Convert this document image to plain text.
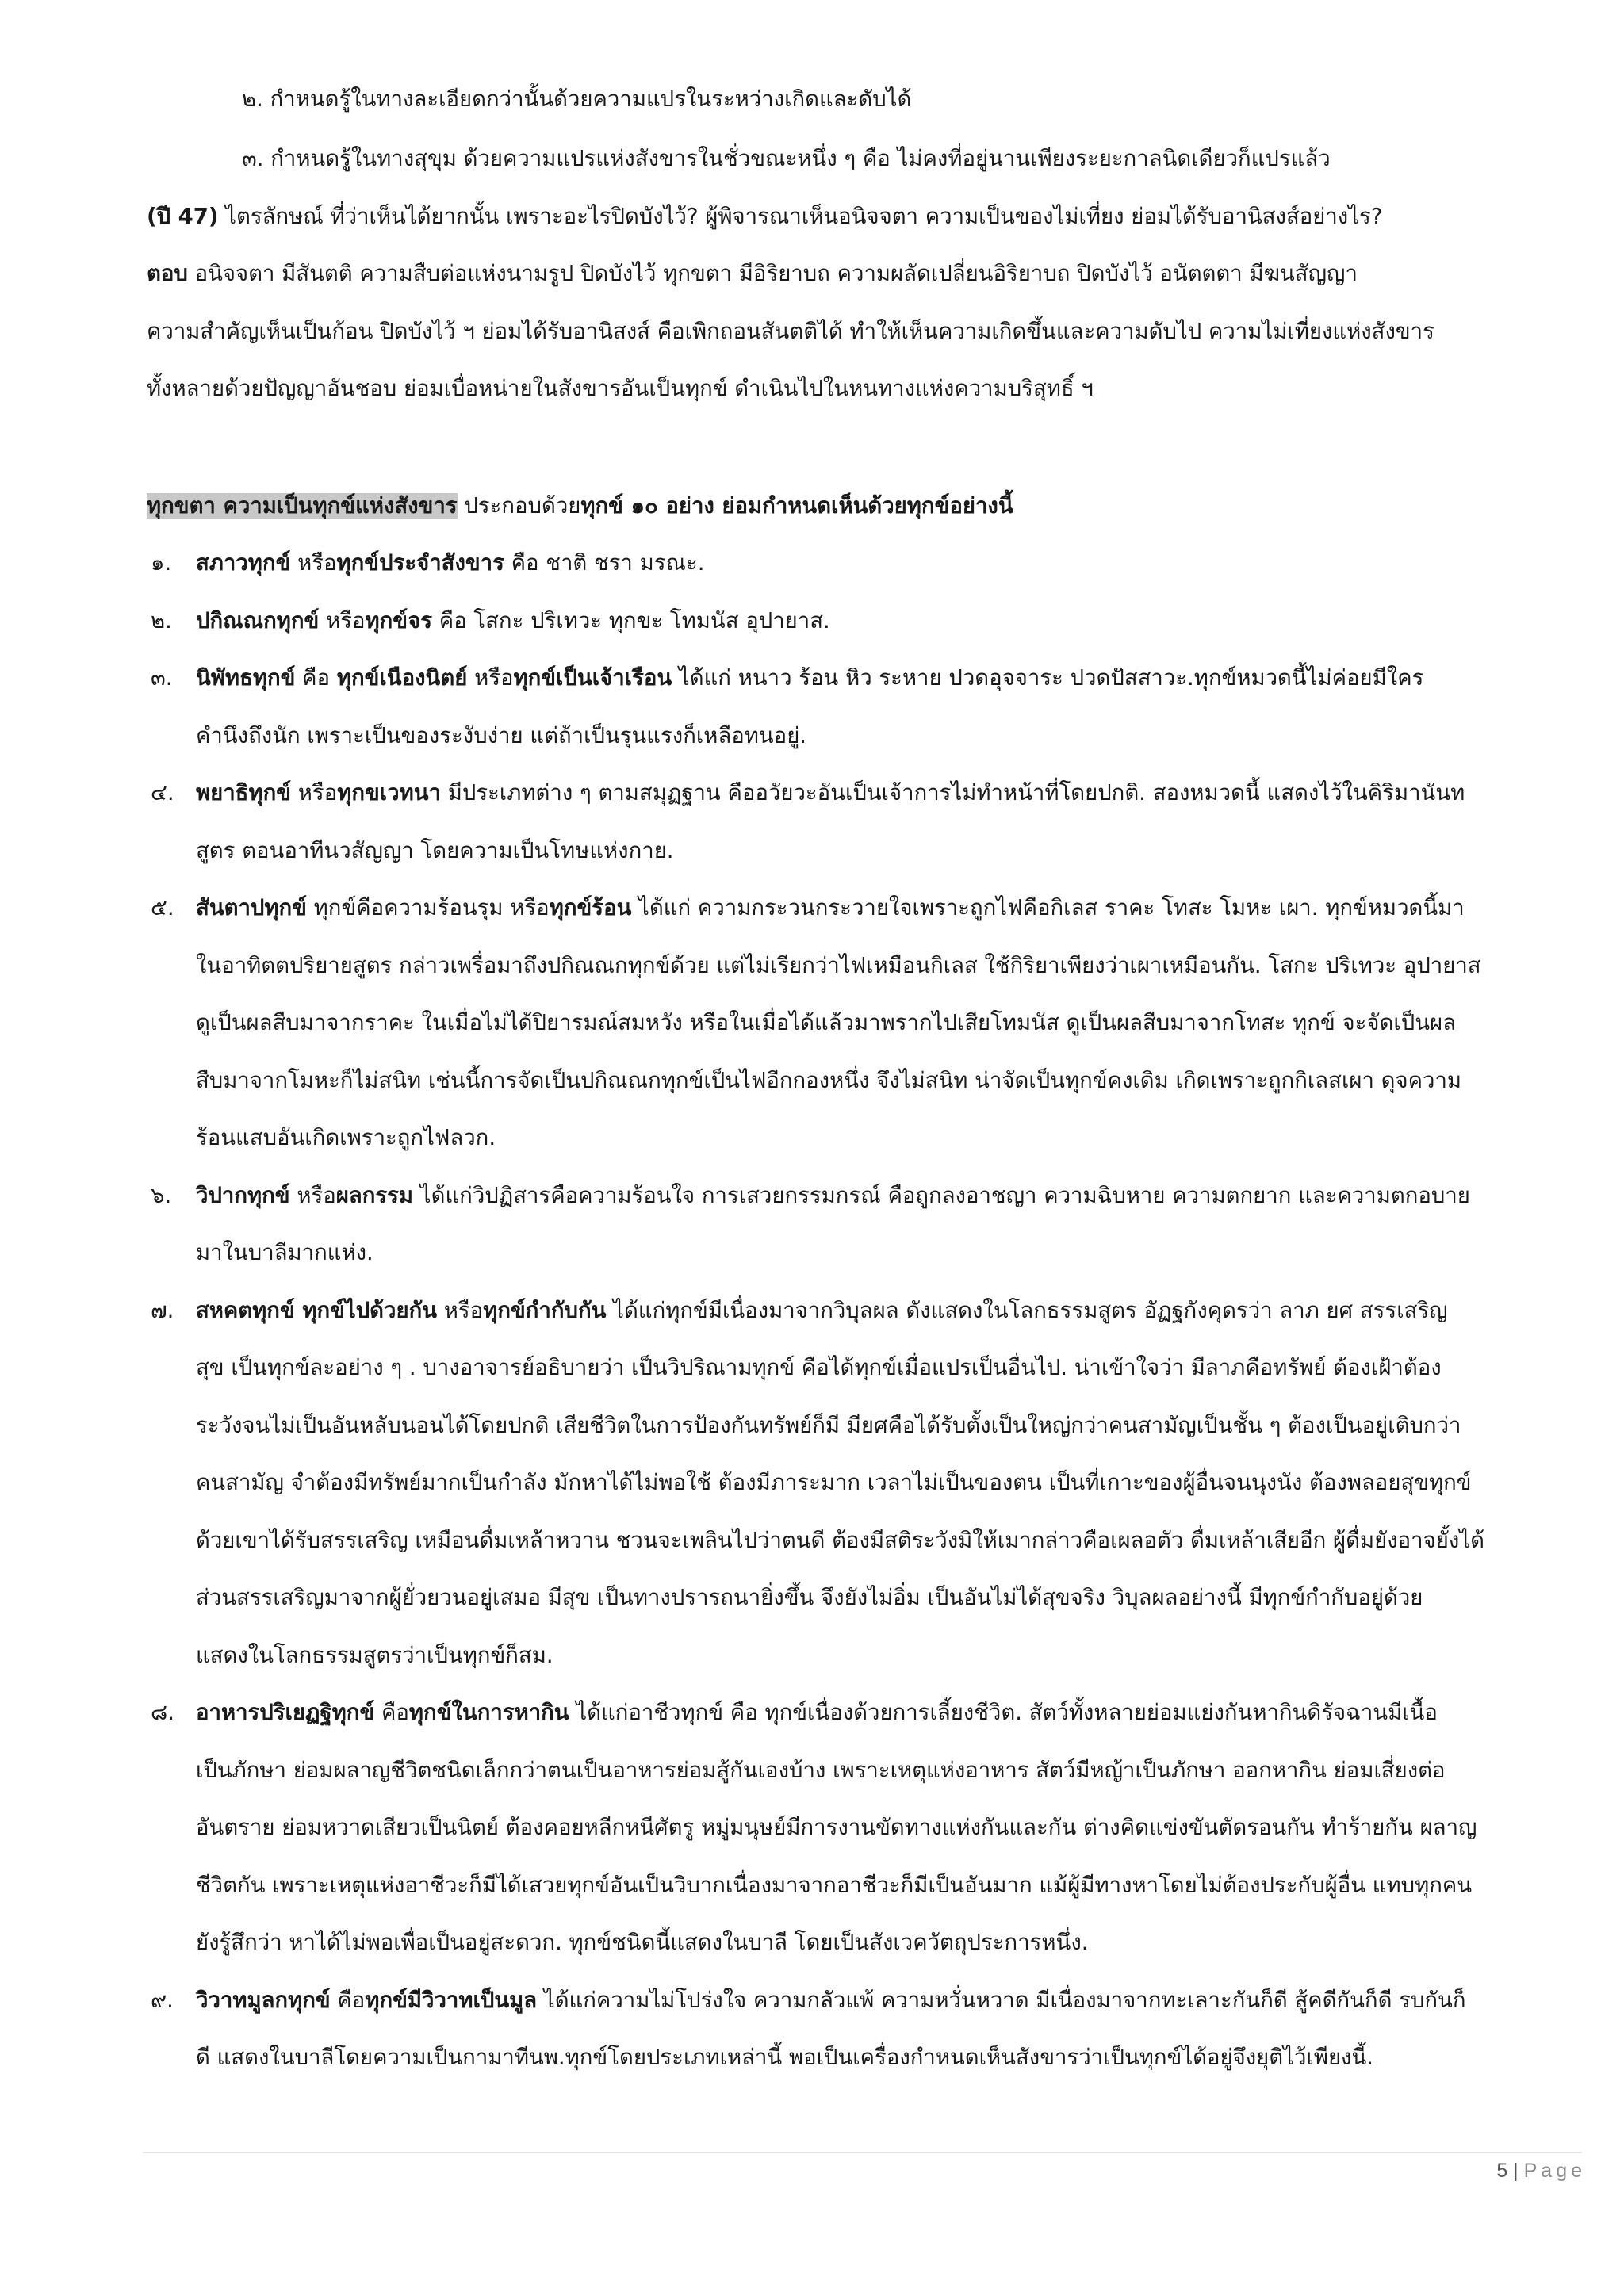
๒. กำหนดรู้ในทางละเอียดกว่านั้นด้วยความแปรในระหว่างเกิดและดับได้
๓. กำหนดรู้ในทางสุขุม ด้วยความแปรแห่งสังขารในชั่วขณะหนึ่ง ๆ คือ ไม่คงที่อยู่นานเพียงระยะกาลนิดเดียวก็แปรแล้ว
(ปี 47) ไตรลักษณ์ ที่ว่าเห็นได้ยากนั้น เพราะอะไรปิดบังไว้? ผู้พิจารณาเห็นอนิจจตา ความเป็นของไม่เที่ยง ย่อมได้รับอานิสงส์อย่างไร?
ตอบ อนิจจตา มีสันตติ ความสืบต่อแห่งนามรูป ปิดบังไว้ ทุกขตา มีอิริยาบถ ความผลัดเปลี่ยนอิริยาบถ ปิดบังไว้ อนัตตตา มีฆนสัญญา
ความสำคัญเห็นเป็นก้อน ปิดบังไว้ ฯ ย่อมได้รับอานิสงส์ คือเพิกถอนสันตติได้ ทำให้เห็นความเกิดขึ้นและความดับไป ความไม่เที่ยงแห่งสังขาร
ทั้งหลายด้วยปัญญาอันชอบ ย่อมเบื่อหน่ายในสังขารอันเป็นทุกข์ ดำเนินไปในหนทางแห่งความบริสุทธิ์ ฯ
ทุกขตา ความเป็นทุกข์แห่งสังขาร ประกอบด้วยทุกข์ ๑๐ อย่าง ย่อมกำหนดเห็นด้วยทุกข์อย่างนี้
๑. สภาวทุกข์ หรือทุกข์ประจำสังขาร คือ ชาติ ชรา มรณะ.
๒. ปกิณณกทุกข์ หรือทุกข์จร คือ โสกะ ปริเทวะ ทุกขะ โทมนัส อุปายาส.
๓. นิพัทธทุกข์ คือ ทุกข์เนืองนิตย์ หรือทุกข์เป็นเจ้าเรือน ได้แก่ หนาว ร้อน หิว ระหาย ปวดอุจจาระ ปวดปัสสาวะ.ทุกข์หมวดนี้ไม่ค่อยมีใคร
คำนึงถึงนัก เพราะเป็นของระงับง่าย แต่ถ้าเป็นรุนแรงก็เหลือทนอยู่.
๔. พยาธิทุกข์ หรือทุกขเวทนา มีประเภทต่าง ๆ ตามสมุฏฐาน คืออวัยวะอันเป็นเจ้าการไม่ทำหน้าที่โดยปกติ. สองหมวดนี้ แสดงไว้ในคิริมานันท
สูตร ตอนอาทีนวสัญญา โดยความเป็นโทษแห่งกาย.
๕. สันตาปทุกข์ ทุกข์คือความร้อนรุม หรือทุกข์ร้อน ได้แก่ ความกระวนกระวายใจเพราะถูกไฟคือกิเลส ราคะ โทสะ โมหะ เผา. ทุกข์หมวดนี้มา
ในอาทิตตปริยายสูตร กล่าวเพรื่อมาถึงปกิณณกทุกข์ด้วย แต่ไม่เรียกว่าไฟเหมือนกิเลส ใช้กิริยาเพียงว่าเผาเหมือนกัน. โสกะ ปริเทวะ อุปายาส
ดูเป็นผลสืบมาจากราคะ ในเมื่อไม่ได้ปิยารมณ์สมหวัง หรือในเมื่อได้แล้วมาพรากไปเสียโทมนัส ดูเป็นผลสืบมาจากโทสะ ทุกข์ จะจัดเป็นผล
สืบมาจากโมหะก็ไม่สนิท เช่นนี้การจัดเป็นปกิณณกทุกข์เป็นไฟอีกกองหนึ่ง จึงไม่สนิท น่าจัดเป็นทุกข์คงเดิม เกิดเพราะถูกกิเลสเผา ดุจความ
ร้อนแสบอันเกิดเพราะถูกไฟลวก.
๖. วิปากทุกข์ หรือผลกรรม ได้แก่วิปฏิสารคือความร้อนใจ การเสวยกรรมกรณ์ คือถูกลงอาชญา ความฉิบหาย ความตกยาก และความตกอบาย
มาในบาลีมากแห่ง.
๗. สหคตทุกข์ ทุกข์ไปด้วยกัน หรือทุกข์กำกับกัน ได้แก่ทุกข์มีเนื่องมาจากวิบุลผล ดังแสดงในโลกธรรมสูตร อัฏฐกังคุดรว่า ลาภ ยศ สรรเสริญ
สุข เป็นทุกข์ละอย่าง ๆ . บางอาจารย์อธิบายว่า เป็นวิปริณามทุกข์ คือได้ทุกข์เมื่อแปรเป็นอื่นไป. น่าเข้าใจว่า มีลาภคือทรัพย์ ต้องเฝ้าต้อง
ระวังจนไม่เป็นอันหลับนอนได้โดยปกติ เสียชีวิตในการป้องกันทรัพย์ก็มี มียศคือได้รับตั้งเป็นใหญ่กว่าคนสามัญเป็นชั้น ๆ ต้องเป็นอยู่เติบกว่า
คนสามัญ จำต้องมีทรัพย์มากเป็นกำลัง มักหาได้ไม่พอใช้ ต้องมีภาระมาก เวลาไม่เป็นของตน เป็นที่เกาะของผู้อื่นจนนุงนัง ต้องพลอยสุขทุกข์
ด้วยเขาได้รับสรรเสริญ เหมือนดื่มเหล้าหวาน ชวนจะเพลินไปว่าตนดี ต้องมีสติระวังมิให้เมากล่าวคือเผลอตัว ดื่มเหล้าเสียอีก ผู้ดื่มยังอาจยั้งได้
ส่วนสรรเสริญมาจากผู้ยั่วยวนอยู่เสมอ มีสุข เป็นทางปรารถนายิ่งขึ้น จึงยังไม่อิ่ม เป็นอันไม่ได้สุขจริง วิบุลผลอย่างนี้ มีทุกข์กำกับอยู่ด้วย
แสดงในโลกธรรมสูตรว่าเป็นทุกข์ก็สม.
๘. อาหารปริเยฏฐิทุกข์ คือทุกข์ในการหากิน ได้แก่อาชีวทุกข์ คือ ทุกข์เนื่องด้วยการเลี้ยงชีวิต. สัตว์ทั้งหลายย่อมแย่งกันหากินดิรัจฉานมีเนื้อ
เป็นภักษา ย่อมผลาญชีวิตชนิดเล็กกว่าตนเป็นอาหารย่อมสู้กันเองบ้าง เพราะเหตุแห่งอาหาร สัตว์มีหญ้าเป็นภักษา ออกหากิน ย่อมเสี่ยงต่อ
อันตราย ย่อมหวาดเสียวเป็นนิตย์ ต้องคอยหลีกหนีศัตรู หมู่มนุษย์มีการงานขัดทางแห่งกันและกัน ต่างคิดแข่งขันตัดรอนกัน ทำร้ายกัน ผลาญ
ชีวิตกัน เพราะเหตุแห่งอาชีวะก็มีได้เสวยทุกข์อันเป็นวิบากเนื่องมาจากอาชีวะก็มีเป็นอันมาก แม้ผู้มีทางหาโดยไม่ต้องประกับผู้อื่น แทบทุกคน
ยังรู้สึกว่า หาได้ไม่พอเพื่อเป็นอยู่สะดวก. ทุกข์ชนิดนี้แสดงในบาลี โดยเป็นสังเวควัตถุประการหนึ่ง.
๙. วิวาทมูลกทุกข์ คือทุกข์มีวิวาทเป็นมูล ได้แก่ความไม่โปร่งใจ ความกลัวแพ้ ความหวั่นหวาด มีเนื่องมาจากทะเลาะกันก็ดี สู้คดีกันก็ดี รบกันก็
ดี แสดงในบาลีโดยความเป็นกามาทีนพ.ทุกข์โดยประเภทเหล่านี้ พอเป็นเครื่องกำหนดเห็นสังขารว่าเป็นทุกข์ได้อยู่จึงยุติไว้เพียงนี้.
5 | Page
